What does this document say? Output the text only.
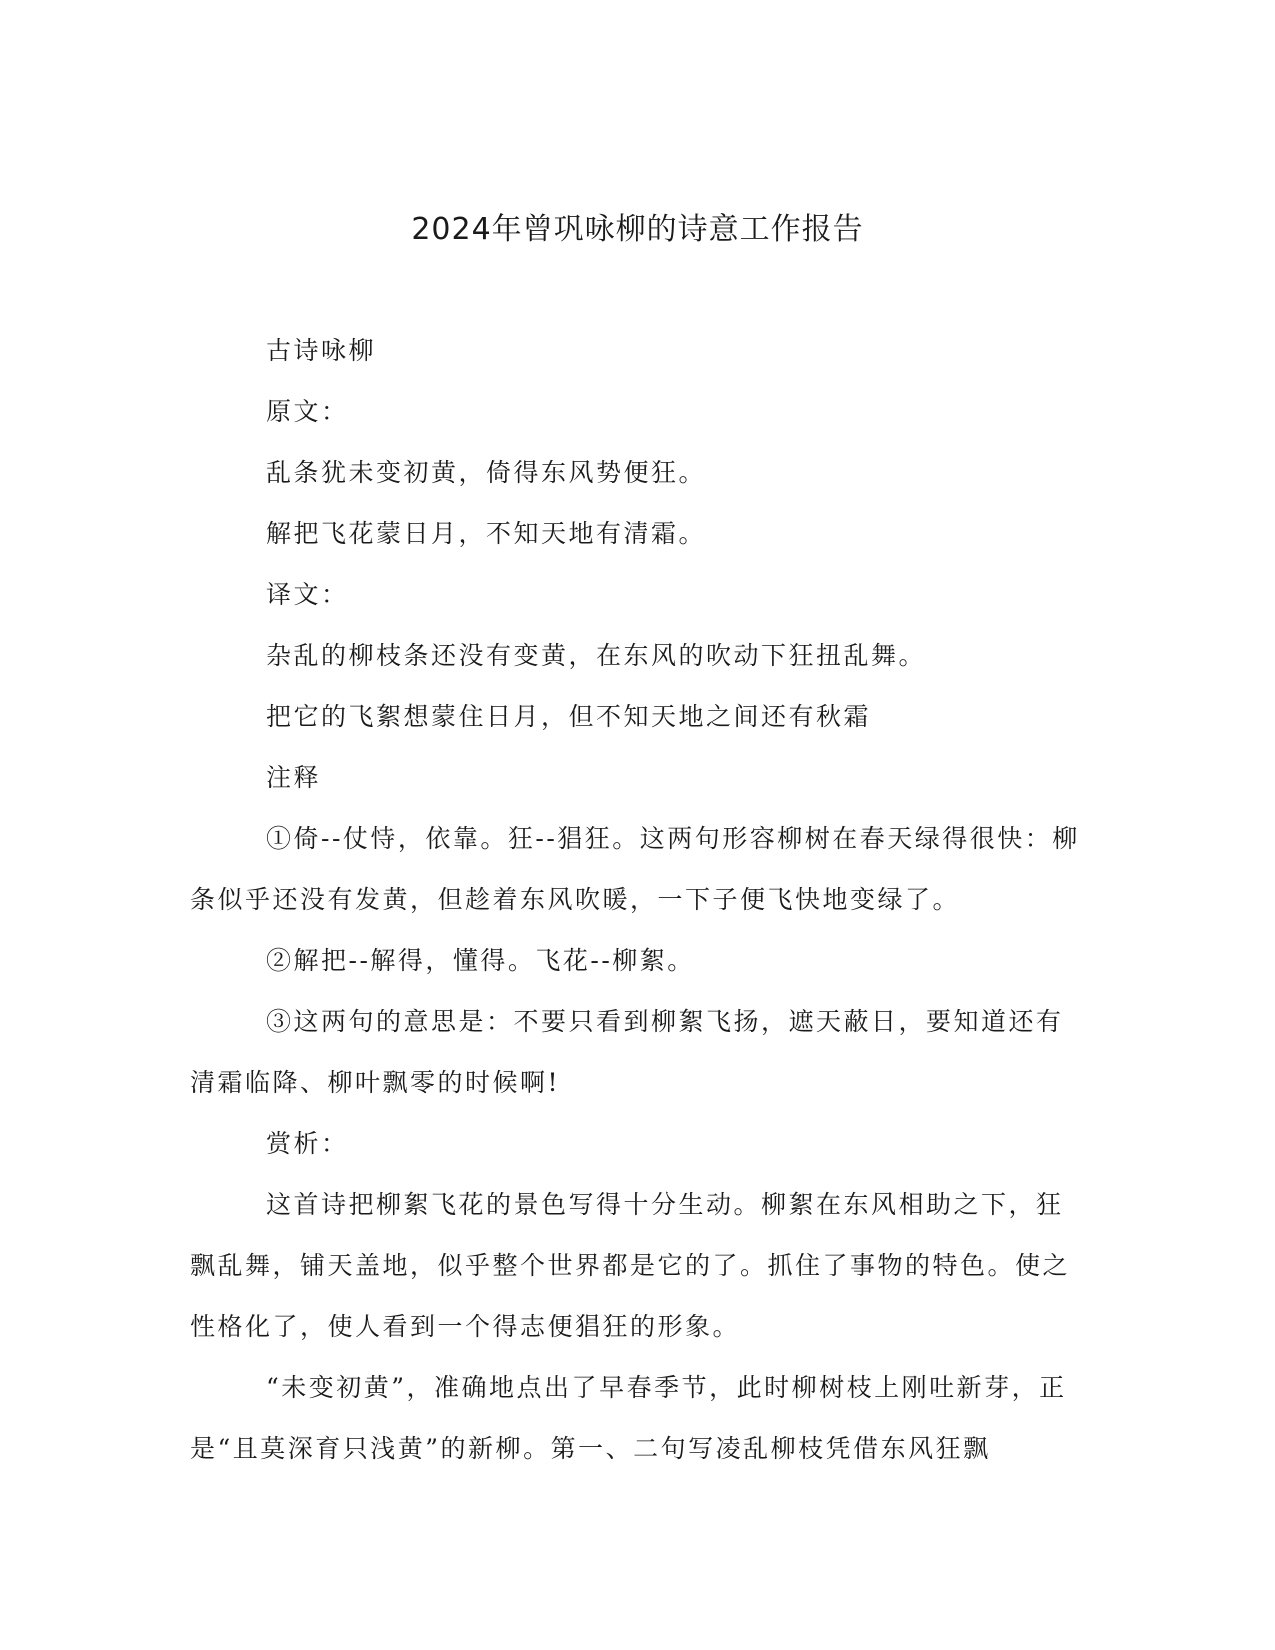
2024年曾巩咏柳的诗意工作报告

古诗咏柳

原文：

乱条犹未变初黄，倚得东风势便狂。

解把飞花蒙日月，不知天地有清霜。

译文：

杂乱的柳枝条还没有变黄，在东风的吹动下狂扭乱舞。

把它的飞絮想蒙住日月，但不知天地之间还有秋霜

注释

①倚--仗恃，依靠。狂--猖狂。这两句形容柳树在春天绿得很快：柳条似乎还没有发黄，但趁着东风吹暖，一下子便飞快地变绿了。

②解把--解得，懂得。飞花--柳絮。

③这两句的意思是：不要只看到柳絮飞扬，遮天蔽日，要知道还有清霜临降、柳叶飘零的时候啊!

赏析：

这首诗把柳絮飞花的景色写得十分生动。柳絮在东风相助之下，狂飘乱舞，铺天盖地，似乎整个世界都是它的了。抓住了事物的特色。使之性格化了，使人看到一个得志便猖狂的形象。

“未变初黄”，准确地点出了早春季节，此时柳树枝上刚吐新芽，正是“且莫深育只浅黄”的新柳。第一、二句写凌乱柳枝凭借东风狂飘
